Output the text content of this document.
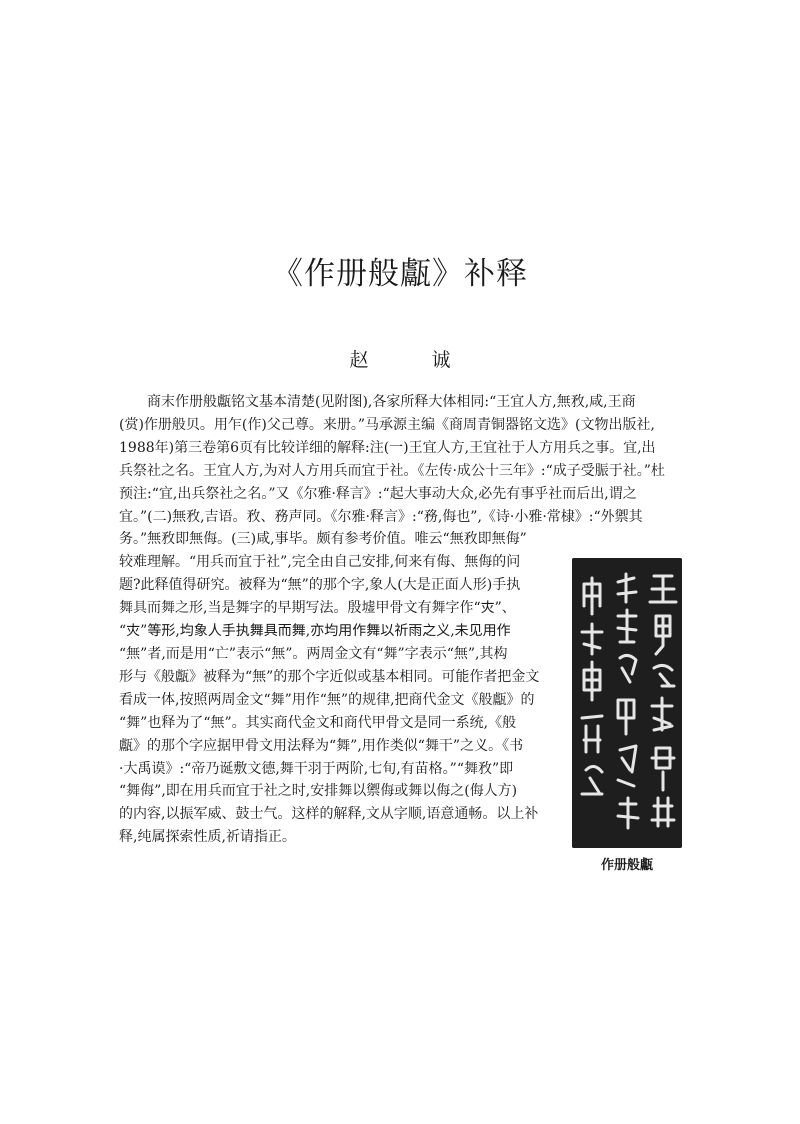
《作册般甗》补释
赵　诚
商末作册般甗铭文基本清楚(见附图),各家所释大体相同:“王宜人方,無敄,咸,王商
(赏)作册般贝。用乍(作)父己尊。来册。”马承源主编《商周青铜器铭文选》(文物出版社,
1988年)第三卷第6页有比较详细的解释:注(一)王宜人方,王宜社于人方用兵之事。宜,出
兵祭社之名。王宜人方,为对人方用兵而宜于社。《左传·成公十三年》:“成子受脤于社。”杜
预注:“宜,出兵祭社之名。”又《尔雅·释言》:“起大事动大众,必先有事乎社而后出,谓之
宜。”(二)無敄,吉语。敄、務声同。《尔雅·释言》:“務,侮也”,《诗·小雅·常棣》:“外禦其
务。”無敄即無侮。(三)咸,事毕。颇有参考价值。唯云“無敄即無侮”
较难理解。“用兵而宜于社”,完全由自己安排,何来有侮、無侮的问
题?此释值得研究。被释为“無”的那个字,象人(大是正面人形)手执
舞具而舞之形,当是舞字的早期写法。殷墟甲骨文有舞字作“𡗜”、
“𡗜”等形,均象人手执舞具而舞,亦均用作舞以祈雨之义,未见用作
“無”者,而是用“亡”表示“無”。两周金文有“舞”字表示“無”,其构
形与《般甗》被释为“無”的那个字近似或基本相同。可能作者把金文
看成一体,按照两周金文“舞”用作“無”的规律,把商代金文《般甗》的
“舞”也释为了“無”。其实商代金文和商代甲骨文是同一系统,《般
甗》的那个字应据甲骨文用法释为“舞”,用作类似“舞干”之义。《书
·大禹谟》:“帝乃诞敷文德,舞干羽于两阶,七旬,有苗格。”“舞敄”即
“舞侮”,即在用兵而宜于社之时,安排舞以禦侮或舞以侮之(侮人方)
的内容,以振军威、鼓士气。这样的解释,文从字顺,语意通畅。以上补
释,纯属探索性质,祈请指正。
作册般甗
